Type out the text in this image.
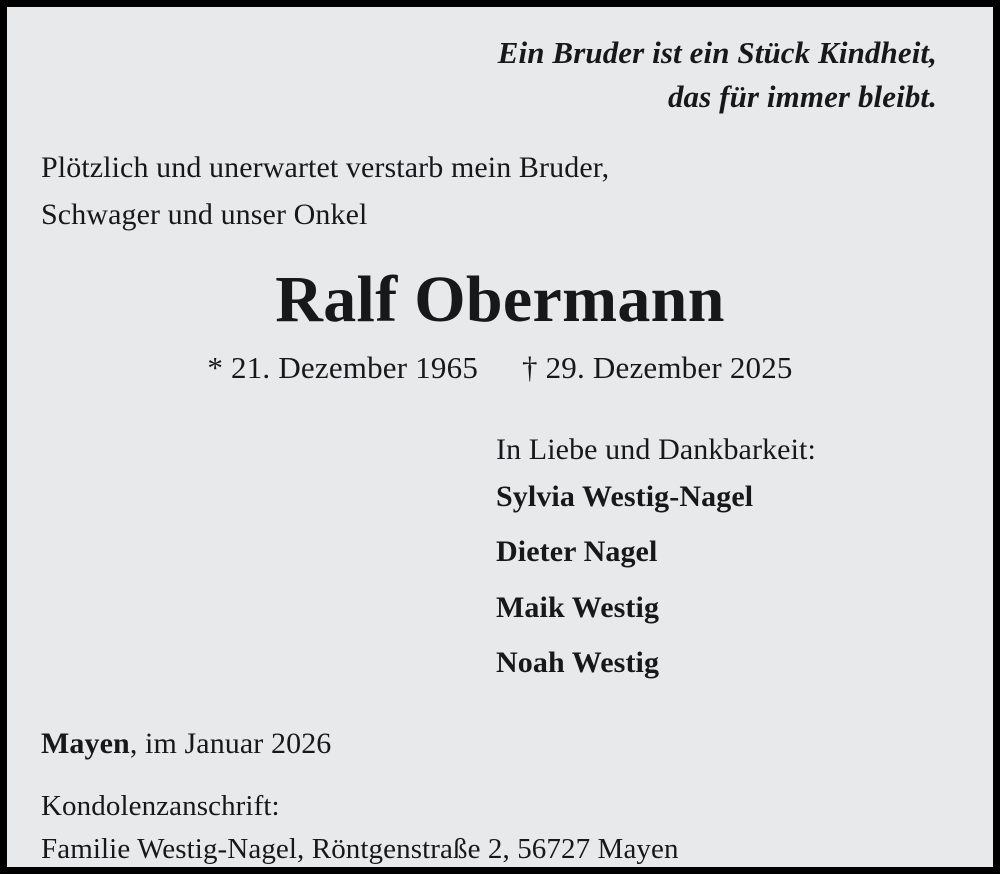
Ein Bruder ist ein Stück Kindheit,
das für immer bleibt.
Plötzlich und unerwartet verstarb mein Bruder,
Schwager und unser Onkel
Ralf Obermann
* 21. Dezember 1965 † 29. Dezember 2025
In Liebe und Dankbarkeit:
Sylvia Westig-Nagel
Dieter Nagel
Maik Westig
Noah Westig
Mayen, im Januar 2026
Kondolenzanschrift:
Familie Westig-Nagel, Röntgenstraße 2, 56727 Mayen
